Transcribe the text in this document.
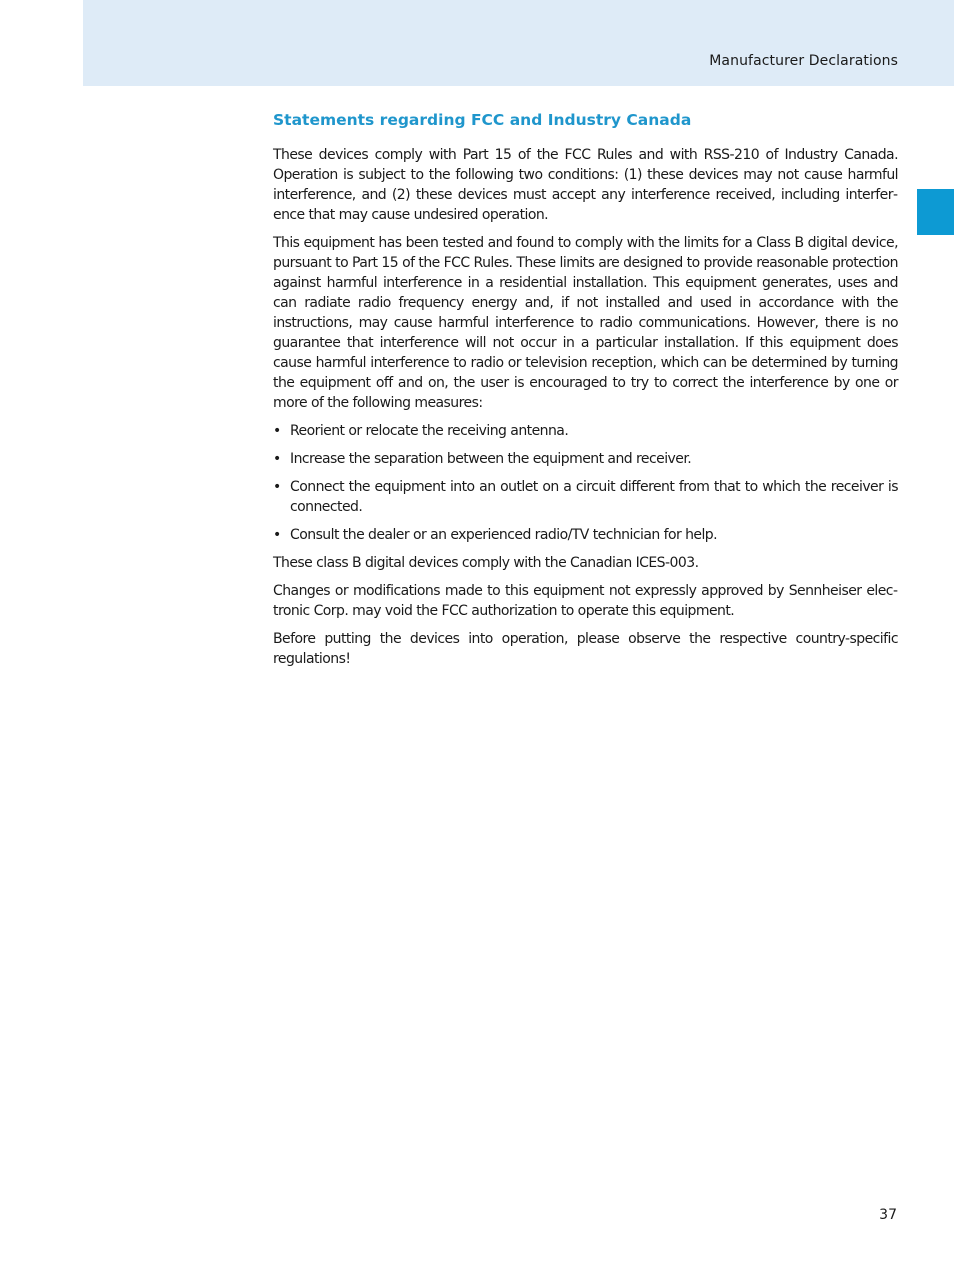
Manufacturer Declarations
Statements regarding FCC and Industry Canada

These devices comply with Part 15 of the FCC Rules and with RSS-210 of Industry Canada. Operation is subject to the following two conditions: (1) these devices may not cause harmful interference, and (2) these devices must accept any interference received, including interference that may cause undesired operation.

This equipment has been tested and found to comply with the limits for a Class B digital device, pursuant to Part 15 of the FCC Rules. These limits are designed to provide reasonable protection against harmful interference in a residential installation. This equipment generates, uses and can radiate radio frequency energy and, if not installed and used in accordance with the instructions, may cause harmful interference to radio communications. However, there is no guarantee that interference will not occur in a particular installation. If this equipment does cause harmful interference to radio or television reception, which can be determined by turning the equipment off and on, the user is encouraged to try to correct the interference by one or more of the following measures:

• Reorient or relocate the receiving antenna.
• Increase the separation between the equipment and receiver.
• Connect the equipment into an outlet on a circuit different from that to which the receiver is connected.
• Consult the dealer or an experienced radio/TV technician for help.

These class B digital devices comply with the Canadian ICES-003.

Changes or modifications made to this equipment not expressly approved by Sennheiser electronic Corp. may void the FCC authorization to operate this equipment.

Before putting the devices into operation, please observe the respective country-specific regulations!

37
